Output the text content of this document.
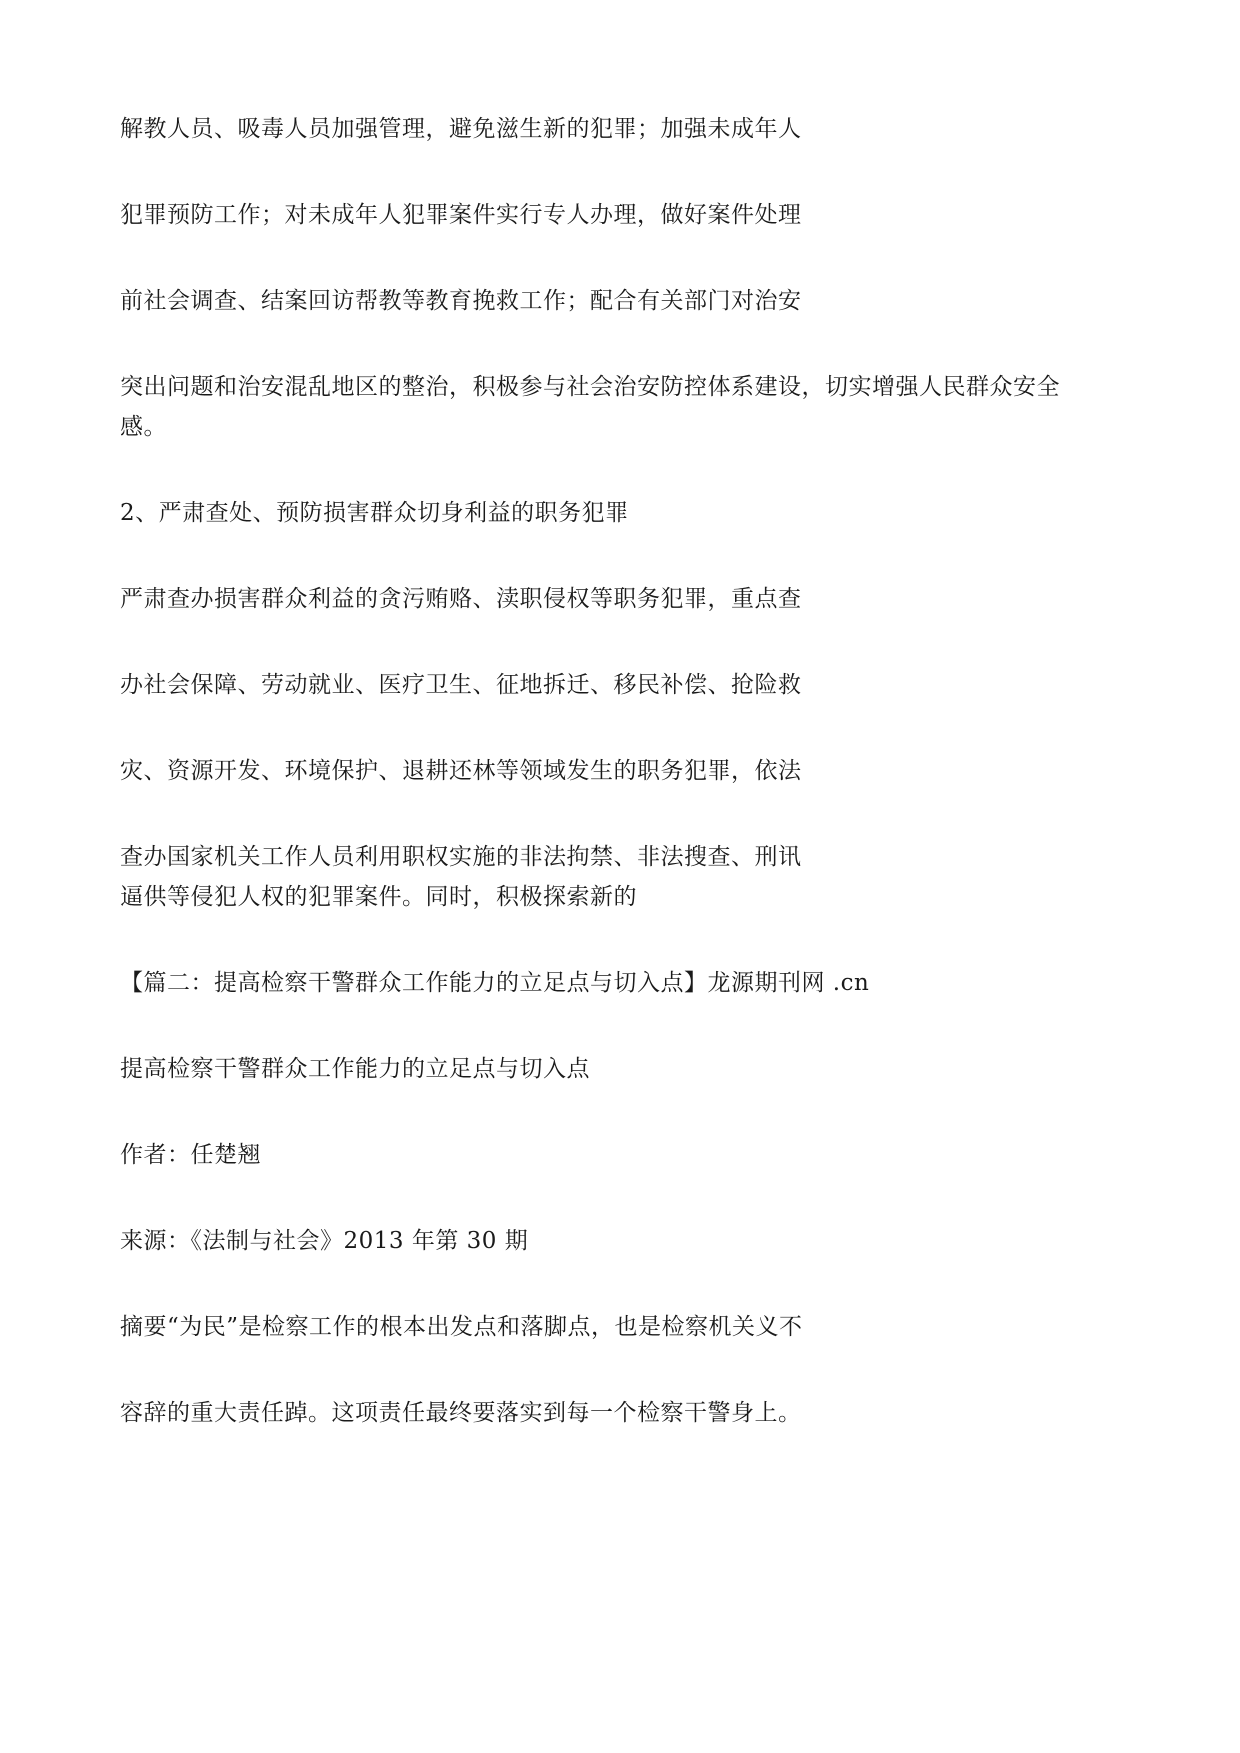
解教人员、吸毒人员加强管理，避免滋生新的犯罪；加强未成年人
犯罪预防工作；对未成年人犯罪案件实行专人办理，做好案件处理
前社会调查、结案回访帮教等教育挽救工作；配合有关部门对治安
突出问题和治安混乱地区的整治，积极参与社会治安防控体系建设，切实增强人民群众安全
感。
2、严肃查处、预防损害群众切身利益的职务犯罪
严肃查办损害群众利益的贪污贿赂、渎职侵权等职务犯罪，重点查
办社会保障、劳动就业、医疗卫生、征地拆迁、移民补偿、抢险救
灾、资源开发、环境保护、退耕还林等领域发生的职务犯罪，依法
查办国家机关工作人员利用职权实施的非法拘禁、非法搜查、刑讯
逼供等侵犯人权的犯罪案件。同时，积极探索新的
【篇二：提高检察干警群众工作能力的立足点与切入点】龙源期刊网 .cn
提高检察干警群众工作能力的立足点与切入点
作者：任楚翘
来源：《法制与社会》2013 年第 30 期
摘要“为民”是检察工作的根本出发点和落脚点，也是检察机关义不
容辞的重大责任踔。这项责任最终要落实到每一个检察干警身上。
